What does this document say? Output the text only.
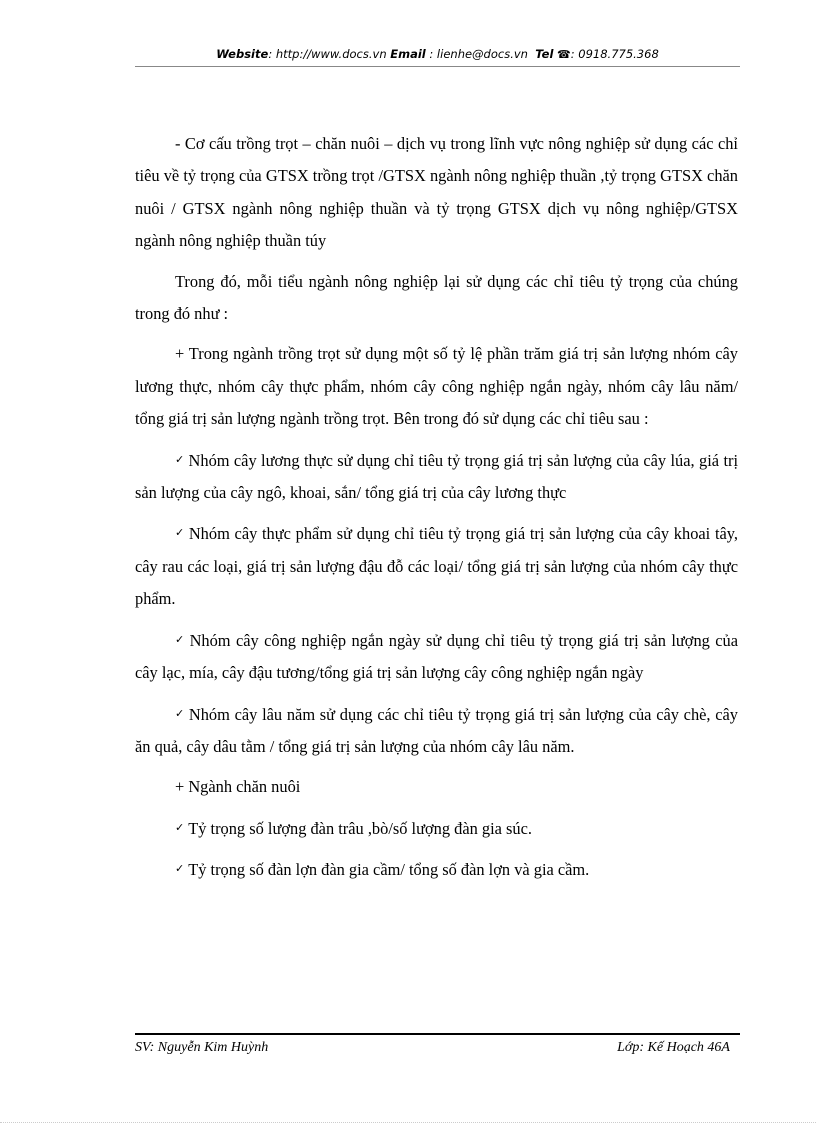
Website: http://www.docs.vn Email : lienhe@docs.vn Tel ☎: 0918.775.368

- Cơ cấu trồng trọt – chăn nuôi – dịch vụ trong lĩnh vực nông nghiệp sử dụng các chỉ tiêu về tỷ trọng của GTSX trồng trọt /GTSX ngành nông nghiệp thuần ,tỷ trọng GTSX chăn nuôi / GTSX ngành nông nghiệp thuần và tỷ trọng GTSX dịch vụ nông nghiệp/GTSX ngành nông nghiệp thuần túy

Trong đó, mỗi tiểu ngành nông nghiệp lại sử dụng các chỉ tiêu tỷ trọng của chúng trong đó như :

+ Trong ngành trồng trọt sử dụng một số tỷ lệ phần trăm giá trị sản lượng nhóm cây lương thực, nhóm cây thực phẩm, nhóm cây công nghiệp ngắn ngày, nhóm cây lâu năm/ tổng giá trị sản lượng ngành trồng trọt. Bên trong đó sử dụng các chỉ tiêu sau :

✓ Nhóm cây lương thực sử dụng chỉ tiêu tỷ trọng giá trị sản lượng của cây lúa, giá trị sản lượng của cây ngô, khoai, sắn/ tổng giá trị của cây lương thực

✓ Nhóm cây thực phẩm sử dụng chỉ tiêu tỷ trọng giá trị sản lượng của cây khoai tây, cây rau các loại, giá trị sản lượng đậu đỗ các loại/ tổng giá trị sản lượng của nhóm cây thực phẩm.

✓ Nhóm cây công nghiệp ngắn ngày sử dụng chỉ tiêu tỷ trọng giá trị sản lượng của cây lạc, mía, cây đậu tương/tổng giá trị sản lượng cây công nghiệp ngắn ngày

✓ Nhóm cây lâu năm sử dụng các chỉ tiêu tỷ trọng giá trị sản lượng của cây chè, cây ăn quả, cây dâu tằm / tổng giá trị sản lượng của nhóm cây lâu năm.

+ Ngành chăn nuôi

✓ Tỷ trọng số lượng đàn trâu ,bò/số lượng đàn gia súc.

✓ Tỷ trọng số đàn lợn đàn gia cầm/ tổng số đàn lợn và gia cầm.

SV: Nguyễn Kim Huỳnh	Lớp: Kế Hoạch 46A
